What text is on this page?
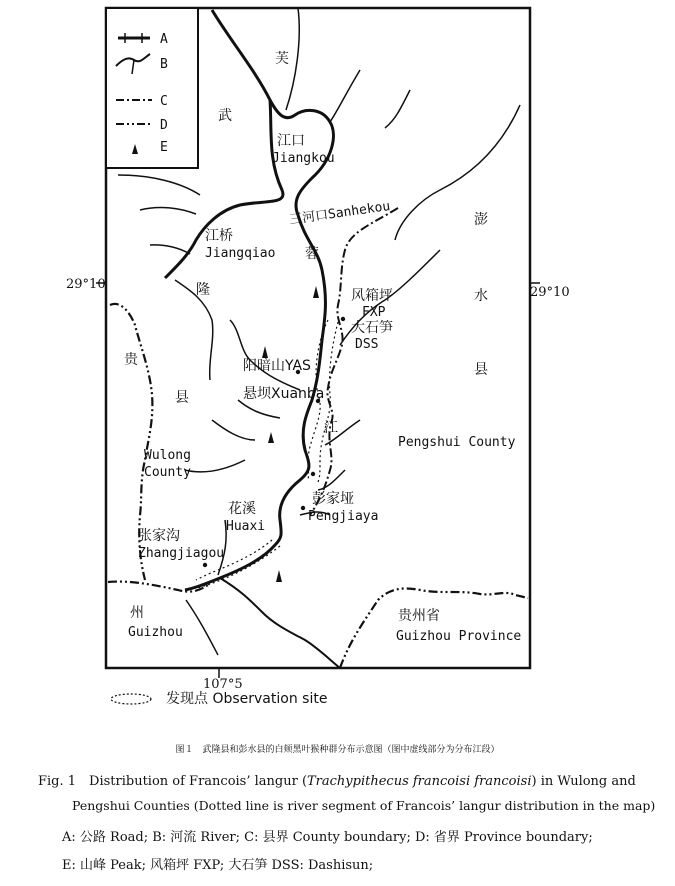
A
B
C
D
E
芙
武
江口
Jiangkou
三河口Sanhekou
江桥
Jiangqiao 蓉
隆	风箱坪
FXP
大石笋
DSS
澎
水
县
贵
县
阳暗山YAS
悬坝Xuanba
江
Pengshui County
Wulong
County
花溪
Huaxi
彭家垭
Pengjiaya
张家沟
Zhangjiagou
州
Guizhou
贵州省
Guizhou Province
29°10
29°10
107°5
发现点 Observation site
图１　武隆县和彭水县的白颊黑叶猴种群分布示意图（图中虚线部分为分布江段）
Fig. 1　Distribution of Francois’ langur (Trachypithecus francoisi francoisi) in Wulong and
Pengshui Counties (Dotted line is river segment of Francois’ langur distribution in the map)
A: 公路 Road; B: 河流 River; C: 县界 County boundary; D: 省界 Province boundary;
E: 山峰 Peak; 风箱坪 FXP; 大石笋 DSS: Dashisun;
